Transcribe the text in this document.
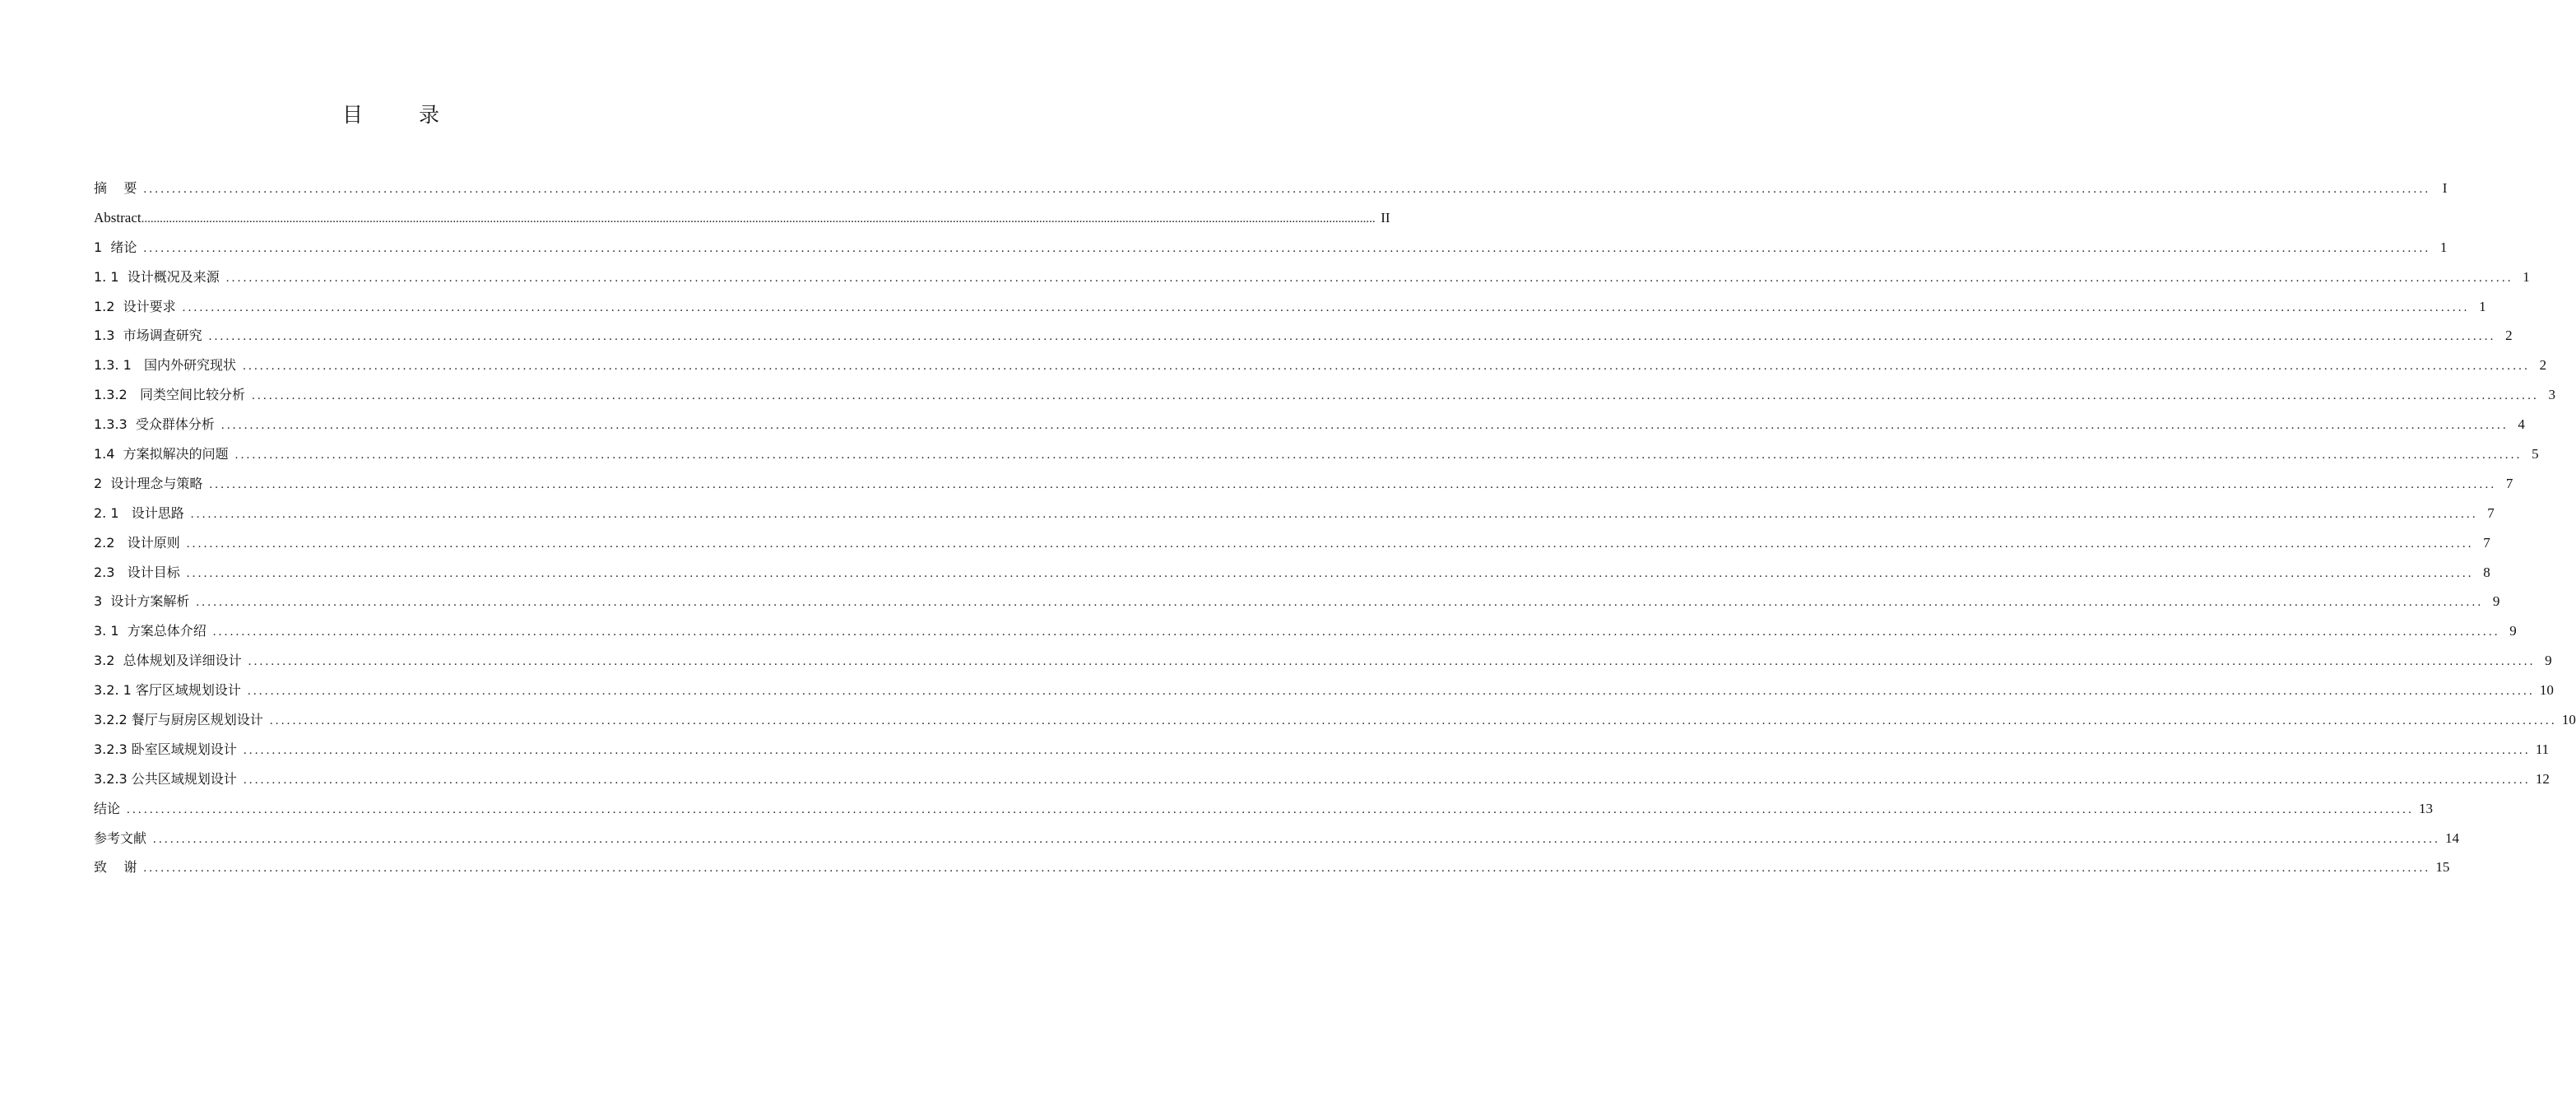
目 录
摘    要 ................................................................................................................................................................................................................................................................................................................................................................................................................ I
Abstract ................................................................................................................................................................................................................................................................................................................................................................................................................ II
1  绪论 ................................................................................................................................................................................................................................................................................................................................................................................................................ 1
1. 1  设计概况及来源 ................................................................................................................................................................................................................................................................................................................................................................................................................ 1
1.2  设计要求 ................................................................................................................................................................................................................................................................................................................................................................................................................ 1
1.3  市场调查研究 ................................................................................................................................................................................................................................................................................................................................................................................................................ 2
1.3. 1   国内外研究现状 ................................................................................................................................................................................................................................................................................................................................................................................................................ 2
1.3.2   同类空间比较分析 ................................................................................................................................................................................................................................................................................................................................................................................................................ 3
1.3.3  受众群体分析 ................................................................................................................................................................................................................................................................................................................................................................................................................ 4
1.4  方案拟解决的问题 ................................................................................................................................................................................................................................................................................................................................................................................................................ 5
2  设计理念与策略 ................................................................................................................................................................................................................................................................................................................................................................................................................ 7
2. 1   设计思路 ................................................................................................................................................................................................................................................................................................................................................................................................................ 7
2.2   设计原则 ................................................................................................................................................................................................................................................................................................................................................................................................................ 7
2.3   设计目标 ................................................................................................................................................................................................................................................................................................................................................................................................................ 8
3  设计方案解析 ................................................................................................................................................................................................................................................................................................................................................................................................................ 9
3. 1  方案总体介绍 ................................................................................................................................................................................................................................................................................................................................................................................................................ 9
3.2  总体规划及详细设计 ................................................................................................................................................................................................................................................................................................................................................................................................................ 9
3.2. 1 客厅区域规划设计 ................................................................................................................................................................................................................................................................................................................................................................................................................ 10
3.2.2 餐厅与厨房区规划设计 ................................................................................................................................................................................................................................................................................................................................................................................................................ 10
3.2.3 卧室区域规划设计 ................................................................................................................................................................................................................................................................................................................................................................................................................ 11
3.2.3 公共区域规划设计 ................................................................................................................................................................................................................................................................................................................................................................................................................ 12
结论 ................................................................................................................................................................................................................................................................................................................................................................................................................ 13
参考文献 ................................................................................................................................................................................................................................................................................................................................................................................................................ 14
致    谢 ................................................................................................................................................................................................................................................................................................................................................................................................................ 15
